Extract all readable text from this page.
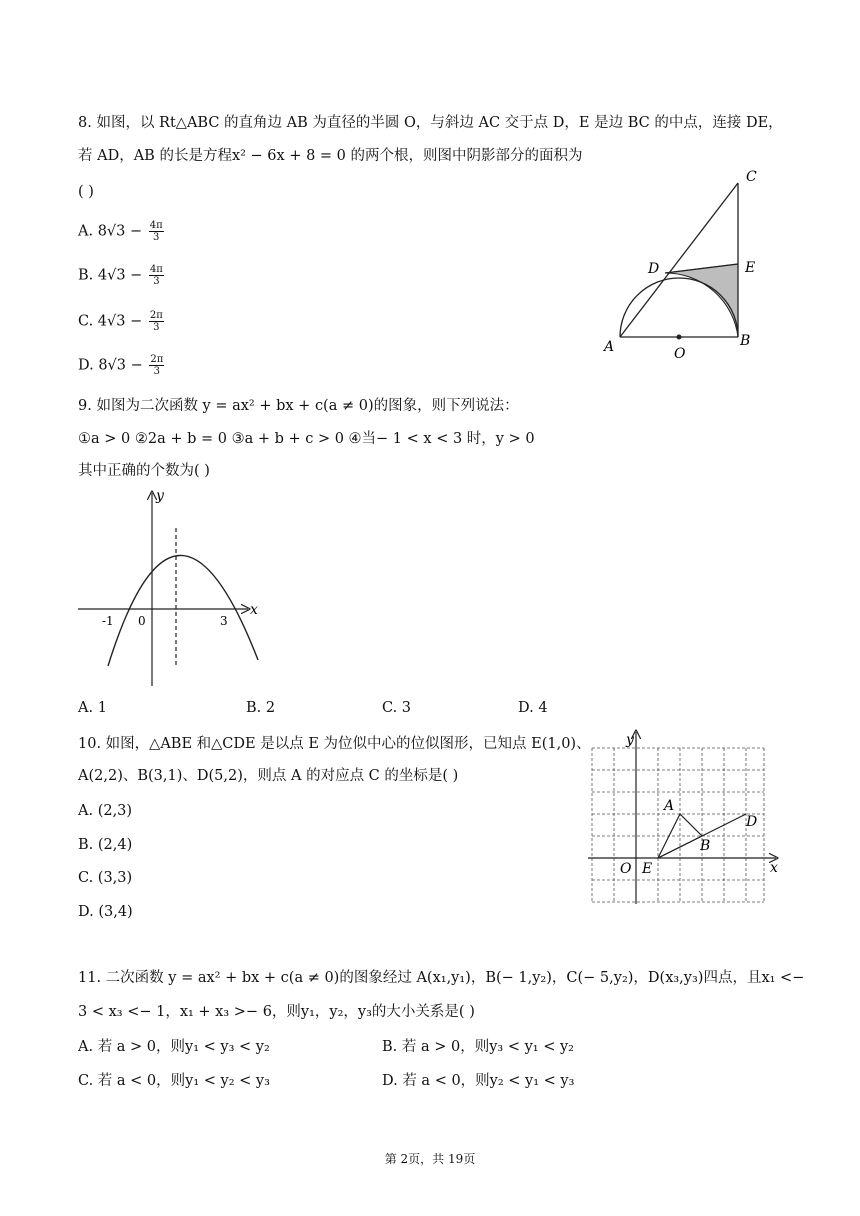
8. 如图，以 Rt△ABC 的直角边 AB 为直径的半圆 O，与斜边 AC 交于点 D，E 是边 BC 的中点，连接 DE，
若 AD，AB 的长是方程x² − 6x + 8 = 0 的两个根，则图中阴影部分的面积为
( )
A. $8√3 - \frac{4\pi}{3}$
B. $4√3 - \frac{4\pi}{3}$
C. $4√3 - \frac{2\pi}{3}$
D. $8√3 - \frac{2\pi}{3}$
A	B
C
D	E
O
9. 如图为二次函数 y = ax² + bx + c(a ≠ 0)的图象，则下列说法：
①a > 0 ②2a + b = 0 ③a + b + c > 0 ④当− 1 < x < 3 时，y > 0
其中正确的个数为( )
y
x
-1 0	3
A. 1	B. 2	C. 3	D. 4
10. 如图，△ABE 和△CDE 是以点 E 为位似中心的位似图形，已知点 E(1,0)、
A(2,2)、B(3,1)、D(5,2)，则点 A 的对应点 C 的坐标是( )
A. (2,3)
B. (2,4)
C. (3,3)
D. (3,4)
y
x
O E
A
B
D
11. 二次函数 y = ax² + bx + c(a ≠ 0)的图象经过 A(x₁,y₁)，B(− 1,y₂)，C(− 5,y₂)，D(x₃,y₃)四点，且x₁ <−
3 < x₃ <− 1，x₁ + x₃ >− 6，则y₁，y₂，y₃的大小关系是( )
A. 若 a > 0，则y₁ < y₃ < y₂	B. 若 a > 0，则y₃ < y₁ < y₂
C. 若 a < 0，则y₁ < y₂ < y₃	D. 若 a < 0，则y₂ < y₁ < y₃
第 2页，共 19页
